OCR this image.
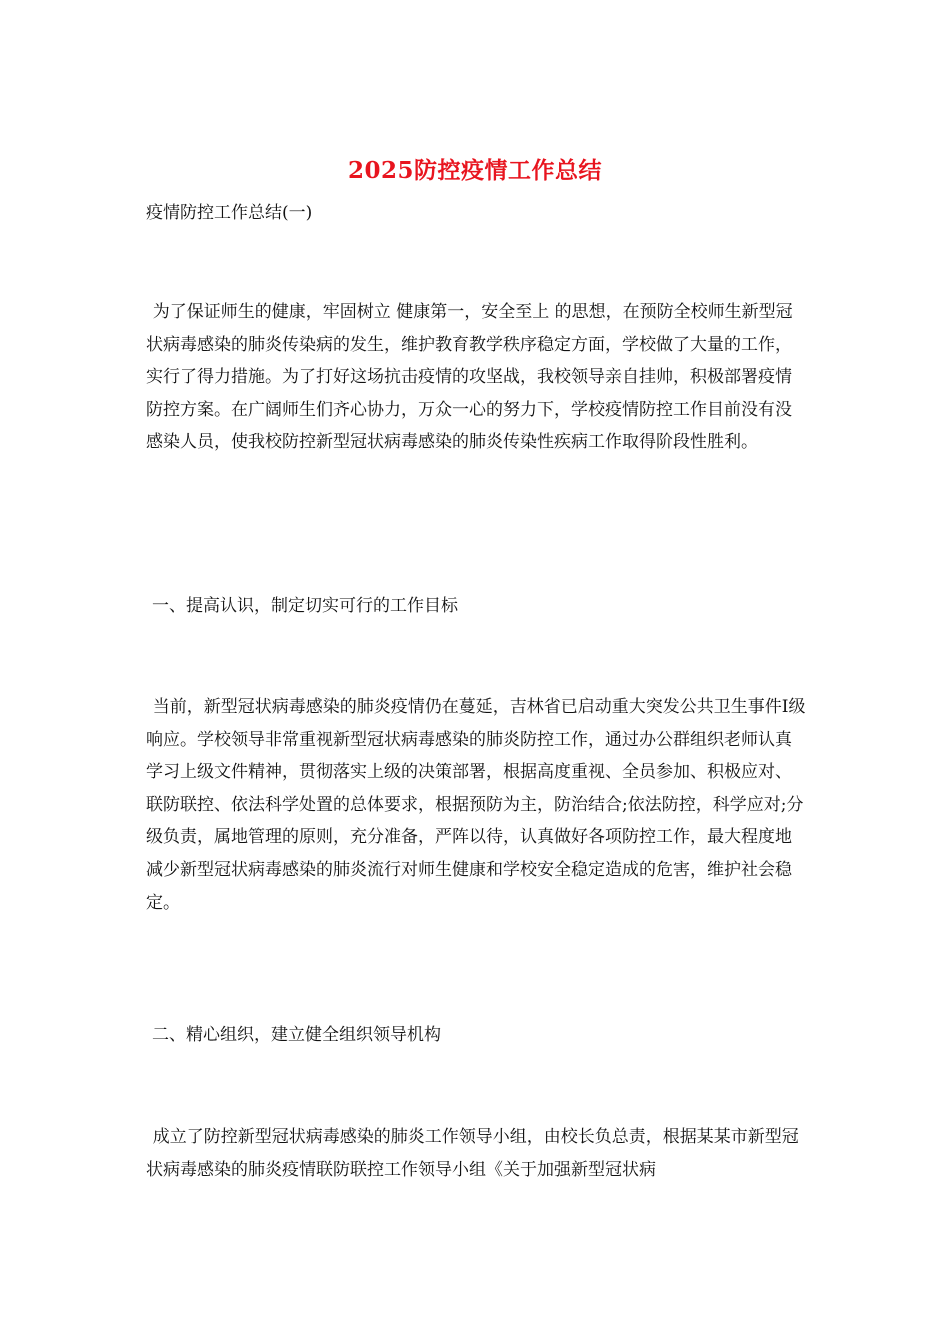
2025防控疫情工作总结
疫情防控工作总结(一)

为了保证师生的健康，牢固树立 健康第一，安全至上 的思想，在预防全校师生新型冠状病毒感染的肺炎传染病的发生，维护教育教学秩序稳定方面，学校做了大量的工作，实行了得力措施。为了打好这场抗击疫情的攻坚战，我校领导亲自挂帅，积极部署疫情防控方案。在广阔师生们齐心协力，万众一心的努力下，学校疫情防控工作目前没有没感染人员，使我校防控新型冠状病毒感染的肺炎传染性疾病工作取得阶段性胜利。

一、提高认识，制定切实可行的工作目标

当前，新型冠状病毒感染的肺炎疫情仍在蔓延，吉林省已启动重大突发公共卫生事件Ⅰ级响应。学校领导非常重视新型冠状病毒感染的肺炎防控工作，通过办公群组织老师认真学习上级文件精神，贯彻落实上级的决策部署，根据高度重视、全员参加、积极应对、联防联控、依法科学处置的总体要求，根据预防为主，防治结合;依法防控，科学应对;分级负责，属地管理的原则，充分准备，严阵以待，认真做好各项防控工作，最大程度地减少新型冠状病毒感染的肺炎流行对师生健康和学校安全稳定造成的危害，维护社会稳定。

二、精心组织，建立健全组织领导机构

成立了防控新型冠状病毒感染的肺炎工作领导小组，由校长负总责，根据某某市新型冠状病毒感染的肺炎疫情联防联控工作领导小组《关于加强新型冠状病
